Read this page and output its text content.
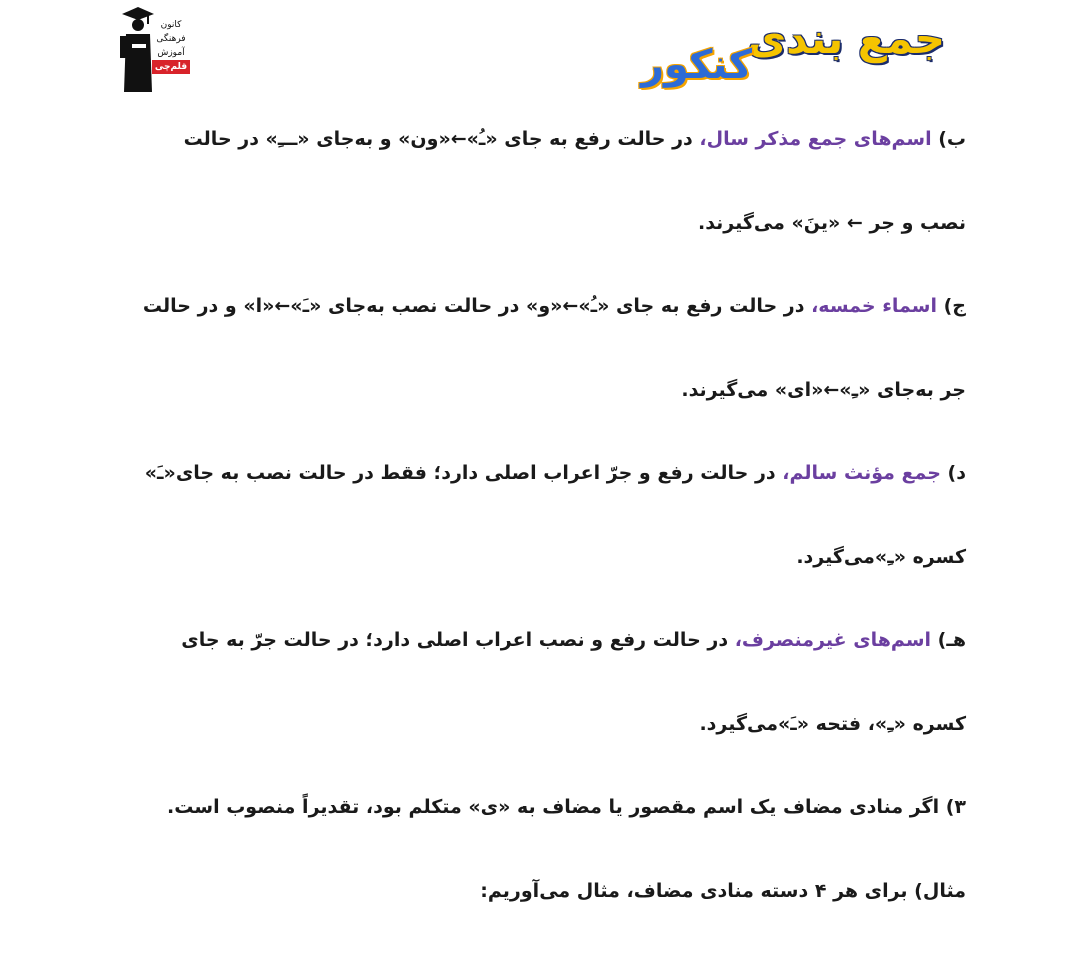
کانون
فرهنگی
آموزش
قلم‌چی
جمع بندی
کنکور
ب) اسم‌های جمع مذکر سال، در حالت رفع به جای «ـُ»←«ون» و به‌جای «ـــِ» در حالت
نصب و جر ← «ینَ» می‌گیرند.
ج) اسماء خمسه، در حالت رفع به جای «ـُ»←«و» در حالت نصب به‌جای «ـَ»←«ا» و در حالت
جر به‌جای «ـِ»←«ای» می‌گیرند.
د) جمع مؤنث سالم، در حالت رفع و جرّ اعراب اصلی دارد؛ فقط در حالت نصب به جای«ـَ»
کسره «ـِ»می‌گیرد.
هـ) اسم‌های غیرمنصرف، در حالت رفع و نصب اعراب اصلی دارد؛ در حالت جرّ به جای
کسره «ـِ»، فتحه «ـَ»می‌گیرد.
۳) اگر منادی مضاف یک اسم مقصور یا مضاف به «ی» متکلم بود، تقدیراً منصوب است.
مثال) برای هر ۴ دسته منادی مضاف، مثال می‌آوریم:
